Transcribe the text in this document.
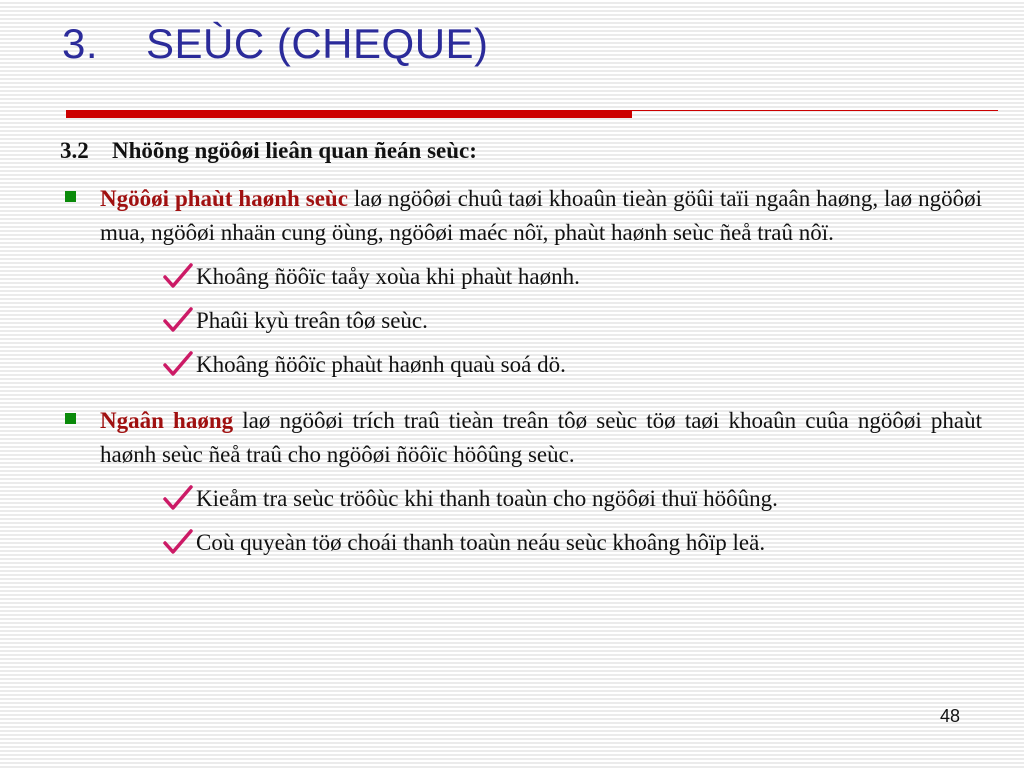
3. SEÙC (CHEQUE)
3.2 Nhöõng ngöôøi lieân quan ñeán seùc:
Ngöôøi phaùt haønh seùc laø ngöôøi chuû taøi khoaûn tieàn göûi taïi ngaân haøng, laø ngöôøi mua, ngöôøi nhaän cung öùng, ngöôøi maéc nôï, phaùt haønh seùc ñeå traû nôï.
Khoâng ñöôïc taåy xoùa khi phaùt haønh.
Phaûi kyù treân tôø seùc.
Khoâng ñöôïc phaùt haønh quaù soá dö.
Ngaân haøng laø ngöôøi trích traû tieàn treân tôø seùc töø taøi khoaûn cuûa ngöôøi phaùt haønh seùc ñeå traû cho ngöôøi ñöôïc höôûng seùc.
Kieåm tra seùc tröôùc khi thanh toaùn cho ngöôøi thuï höôûng.
Coù quyeàn töø choái thanh toaùn neáu seùc khoâng hôïp leä.
48
